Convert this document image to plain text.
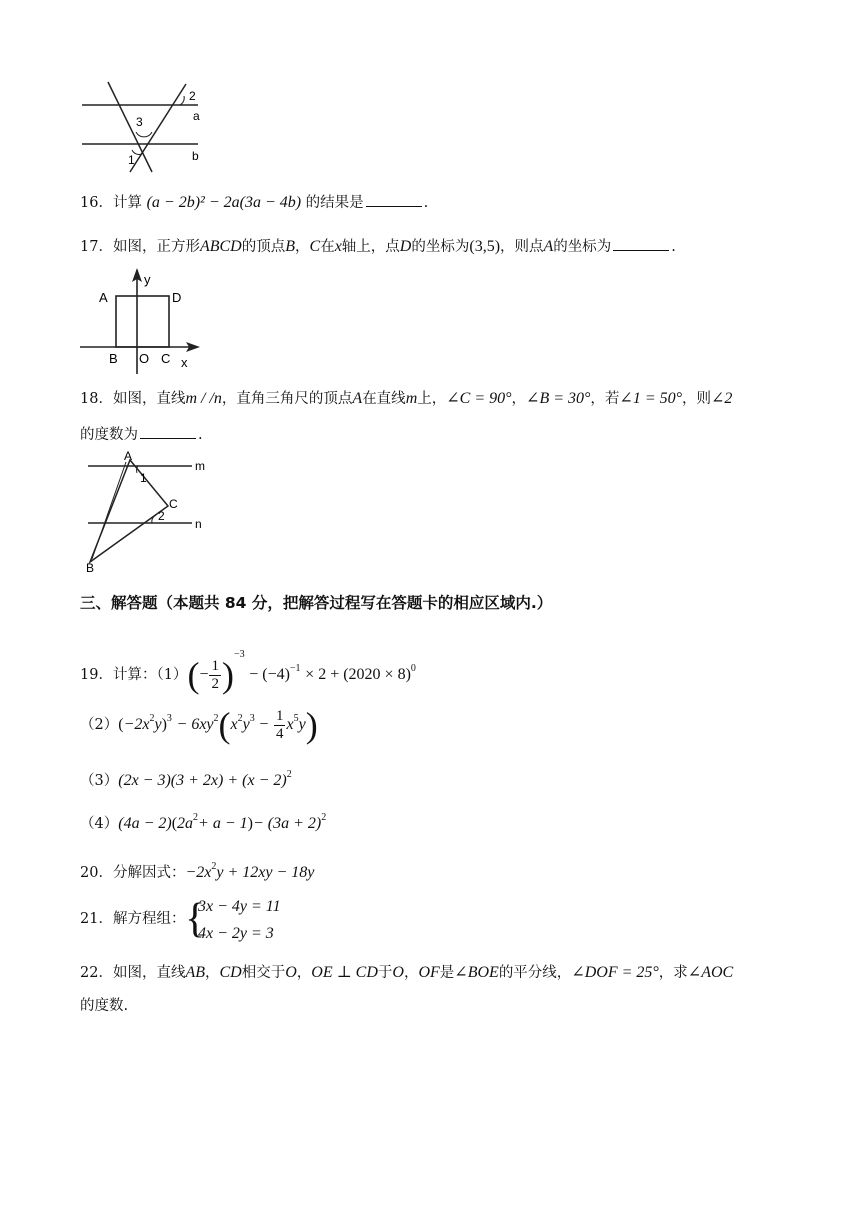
2
3
1
a
b
16．计算 (a − 2b)² − 2a(3a − 4b) 的结果是	.
17．如图，正方形ABCD的顶点B，C在x轴上，点D的坐标为(3,5)，则点A的坐标为	.
y
A	D
B O C x
18．如图，直线m / /n，直角三角尺的顶点A在直线m上，∠C = 90°，∠B = 30°，若∠1 = 50°，则∠2
的度数为	.
A
1
C
2
B
m
n
三、解答题（本题共 84 分，把解答过程写在答题卡的相应区域内.）
19．计算：$(1)(- \frac{1}{2} )^{-3} - (-4)^{-1} \times 2 + (2020 \times 8)^0$
$(2)(-2x^2y)^3 - 6xy^2(x^2y^3 - \frac{1}{4} x^5y)$
$(3)(2x - 3)(3 + 2x) + (x - 2)^2$
$(4)(4a - 2)(2a^2+ a - 1)- (3a + 2)^2$
20．分解因式：$-2x^2y + 12xy - 18y$
21．解方程组： {
3x − 4y = 11
4x − 2y = 3
22．如图，直线AB，CD相交于O，OE ⊥ CD于O，OF是∠BOE的平分线，∠DOF = 25°，求∠AOC
的度数.
